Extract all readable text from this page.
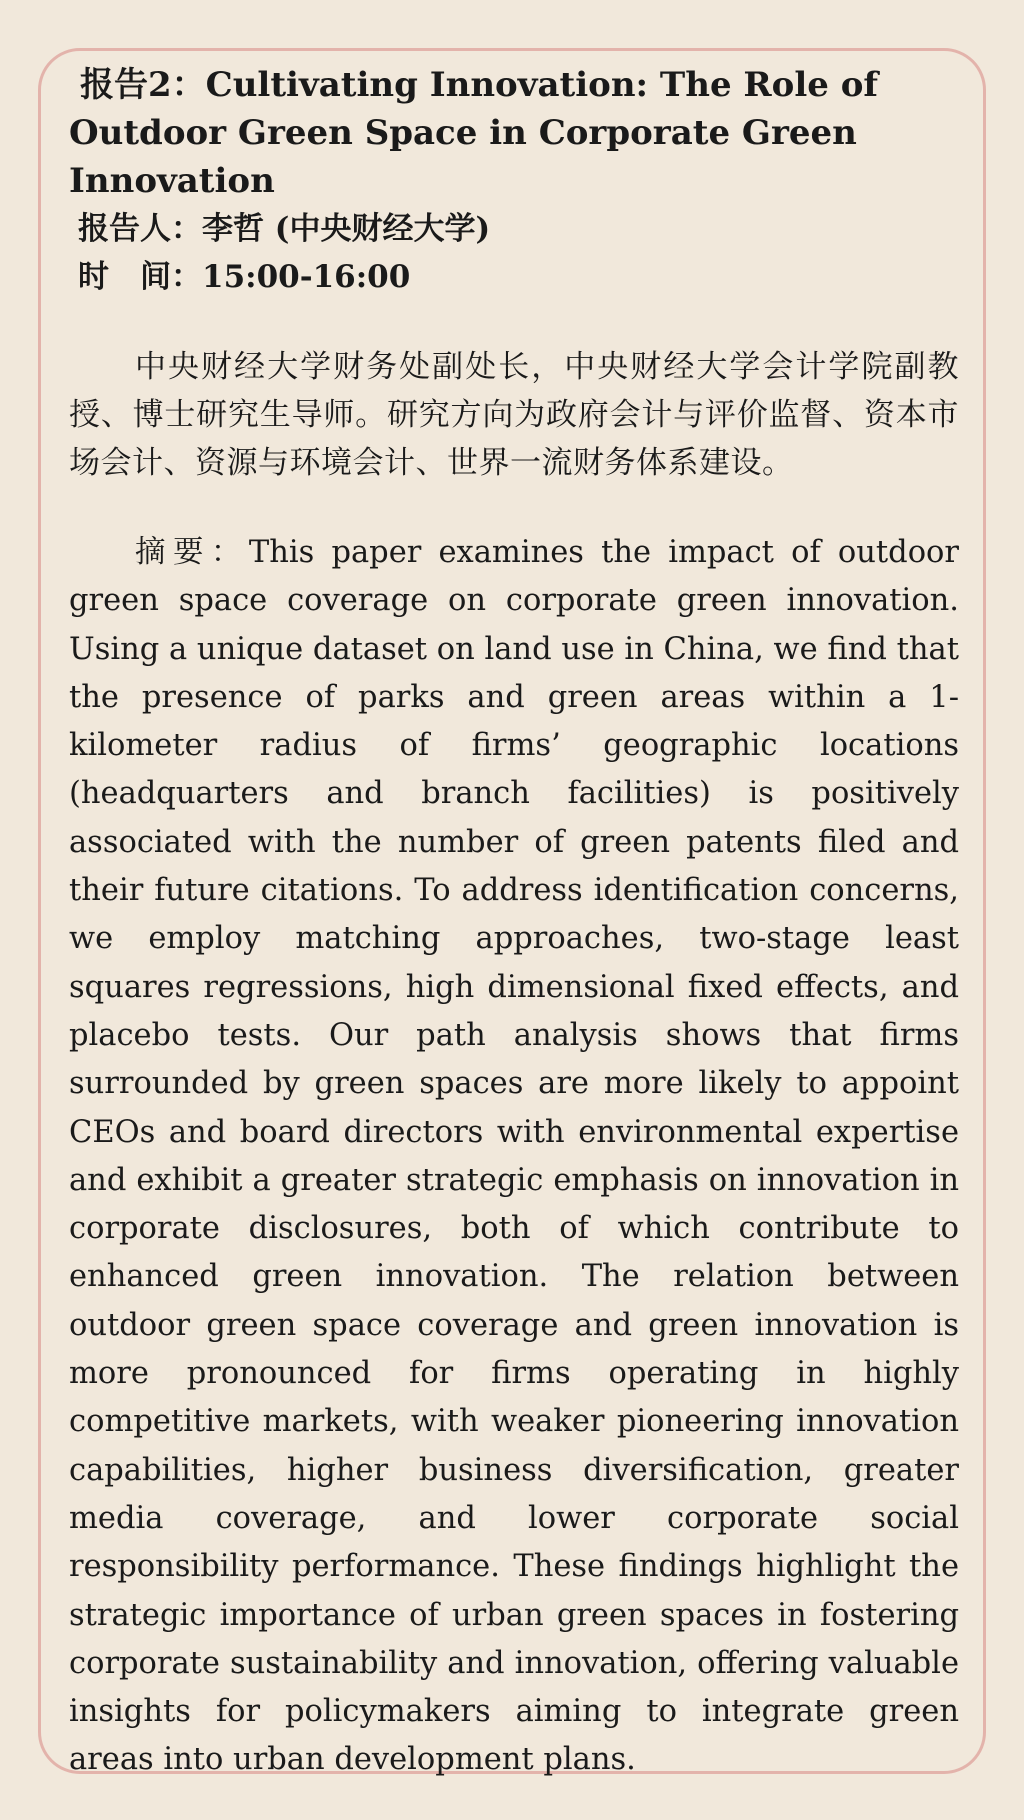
报告2：Cultivating Innovation: The Role of Outdoor Green Space in Corporate Green Innovation

报告人：李哲 (中央财经大学)

时　间：15:00-16:00

中央财经大学财务处副处长，中央财经大学会计学院副教授、博士研究生导师。研究方向为政府会计与评价监督、资本市场会计、资源与环境会计、世界一流财务体系建设。

摘要：This paper examines the impact of outdoor green space coverage on corporate green innovation. Using a unique dataset on land use in China, we find that the presence of parks and green areas within a 1-kilometer radius of firms’ geographic locations (headquarters and branch facilities) is positively associated with the number of green patents filed and their future citations. To address identification concerns, we employ matching approaches, two-stage least squares regressions, high dimensional fixed effects, and placebo tests. Our path analysis shows that firms surrounded by green spaces are more likely to appoint CEOs and board directors with environmental expertise and exhibit a greater strategic emphasis on innovation in corporate disclosures, both of which contribute to enhanced green innovation. The relation between outdoor green space coverage and green innovation is more pronounced for firms operating in highly competitive markets, with weaker pioneering innovation capabilities, higher business diversification, greater media coverage, and lower corporate social responsibility performance. These findings highlight the strategic importance of urban green spaces in fostering corporate sustainability and innovation, offering valuable insights for policymakers aiming to integrate green areas into urban development plans.
